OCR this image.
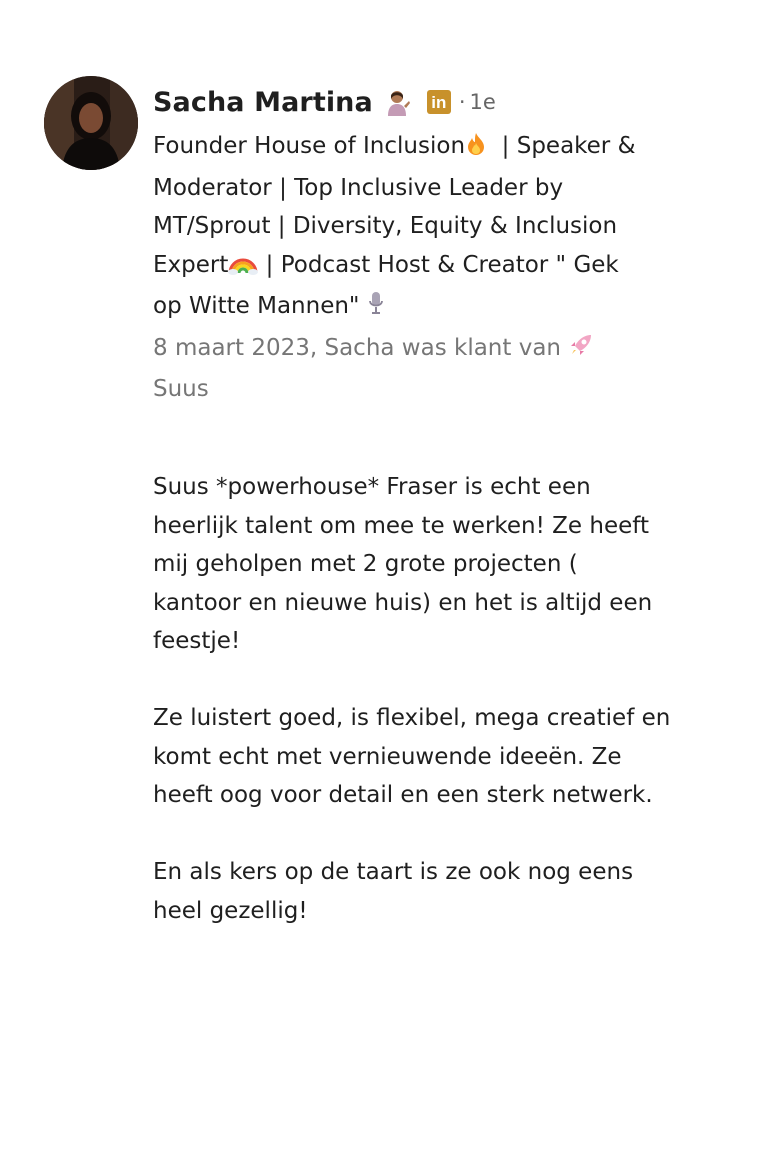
Sacha Martina	in · 1e
Founder House of Inclusion  | Speaker & Moderator | Top Inclusive Leader by MT/Sprout | Diversity, Equity & Inclusion Expert | Podcast Host & Creator " Gek op Witte Mannen"
8 maart 2023, Sacha was klant van
Suus

Suus *powerhouse* Fraser is echt een heerlijk talent om mee te werken! Ze heeft mij geholpen met 2 grote projecten ( kantoor en nieuwe huis) en het is altijd een feestje!

Ze luistert goed, is flexibel, mega creatief en komt echt met vernieuwende ideeën. Ze heeft oog voor detail en een sterk netwerk.

En als kers op de taart is ze ook nog eens heel gezellig!
